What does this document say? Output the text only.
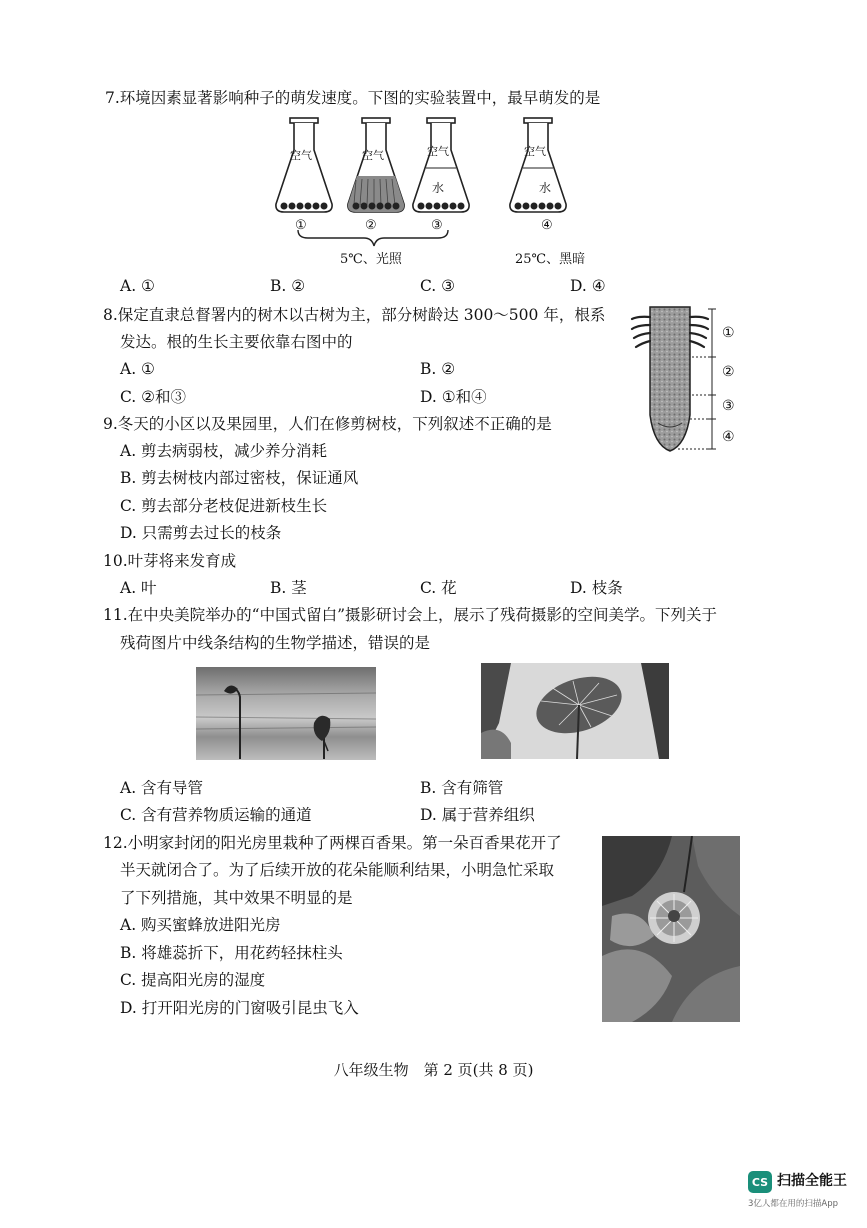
7.环境因素显著影响种子的萌发速度。下图的实验装置中，最早萌发的是
空气	空气	空气	空气
水	水
①	②	③	④
5℃、光照	25℃、黑暗
A. ①	B. ②	C. ③	D. ④
8.保定直隶总督署内的树木以古树为主，部分树龄达 300～500 年，根系
发达。根的生长主要依靠右图中的
A. ①	B. ②
C. ②和③	D. ①和④
①
②
③
④
9.冬天的小区以及果园里，人们在修剪树枝，下列叙述不正确的是
A. 剪去病弱枝，减少养分消耗
B. 剪去树枝内部过密枝，保证通风
C. 剪去部分老枝促进新枝生长
D. 只需剪去过长的枝条
10.叶芽将来发育成
A. 叶	B. 茎	C. 花	D. 枝条
11.在中央美院举办的“中国式留白”摄影研讨会上，展示了残荷摄影的空间美学。下列关于
残荷图片中线条结构的生物学描述，错误的是
A. 含有导管	B. 含有筛管
C. 含有营养物质运输的通道	D. 属于营养组织
12.小明家封闭的阳光房里栽种了两棵百香果。第一朵百香果花开了
半天就闭合了。为了后续开放的花朵能顺利结果，小明急忙采取
了下列措施，其中效果不明显的是
A. 购买蜜蜂放进阳光房
B. 将雄蕊折下，用花药轻抹柱头
C. 提高阳光房的湿度
D. 打开阳光房的门窗吸引昆虫飞入
八年级生物　第 2 页(共 8 页)
CS 扫描全能王
3亿人都在用的扫描App
